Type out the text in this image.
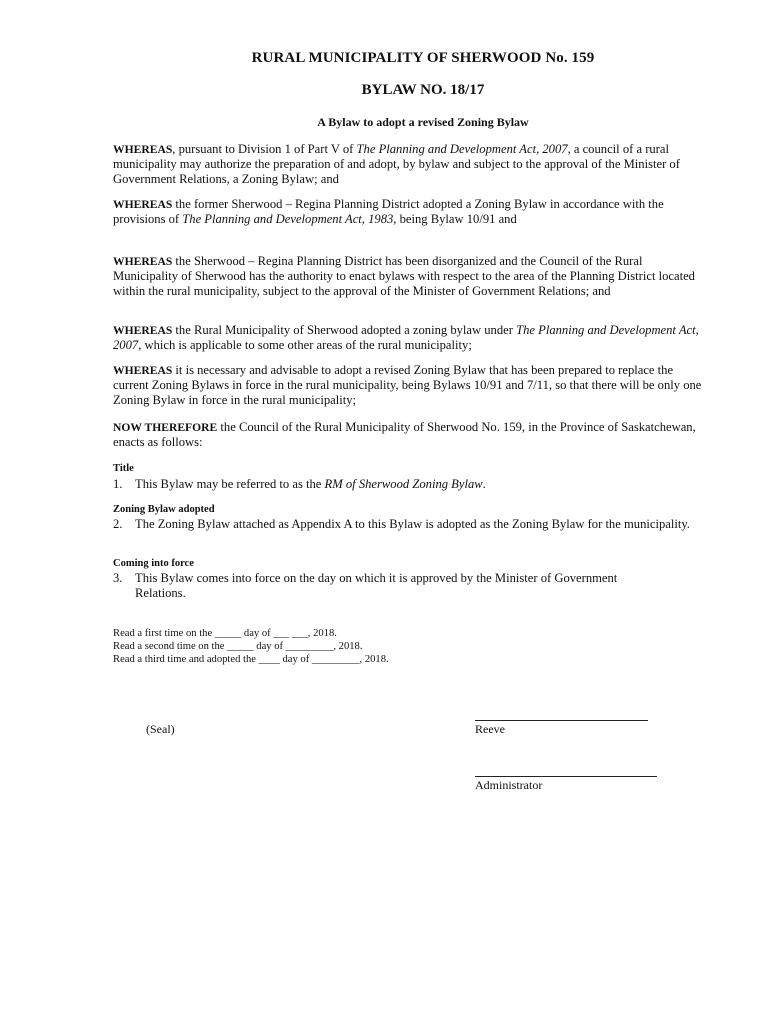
RURAL MUNICIPALITY OF SHERWOOD No. 159
BYLAW NO. 18/17
A Bylaw to adopt a revised Zoning Bylaw

WHEREAS, pursuant to Division 1 of Part V of The Planning and Development Act, 2007, a council of a rural municipality may authorize the preparation of and adopt, by bylaw and subject to the approval of the Minister of Government Relations, a Zoning Bylaw; and

WHEREAS the former Sherwood – Regina Planning District adopted a Zoning Bylaw in accordance with the provisions of The Planning and Development Act, 1983, being Bylaw 10/91 and

WHEREAS the Sherwood – Regina Planning District has been disorganized and the Council of the Rural Municipality of Sherwood has the authority to enact bylaws with respect to the area of the Planning District located within the rural municipality, subject to the approval of the Minister of Government Relations; and

WHEREAS the Rural Municipality of Sherwood adopted a zoning bylaw under The Planning and Development Act, 2007, which is applicable to some other areas of the rural municipality;

WHEREAS it is necessary and advisable to adopt a revised Zoning Bylaw that has been prepared to replace the current Zoning Bylaws in force in the rural municipality, being Bylaws 10/91 and 7/11, so that there will be only one Zoning Bylaw in force in the rural municipality;

NOW THEREFORE the Council of the Rural Municipality of Sherwood No. 159, in the Province of Saskatchewan, enacts as follows:

Title
1. This Bylaw may be referred to as the RM of Sherwood Zoning Bylaw.
Zoning Bylaw adopted
2. The Zoning Bylaw attached as Appendix A to this Bylaw is adopted as the Zoning Bylaw for the municipality.
Coming into force
3. This Bylaw comes into force on the day on which it is approved by the Minister of Government Relations.
Read a first time on the _____ day of ___ ___, 2018.
Read a second time on the _____ day of _________, 2018.
Read a third time and adopted the ____ day of _________, 2018.
(Seal)	Reeve
Administrator
